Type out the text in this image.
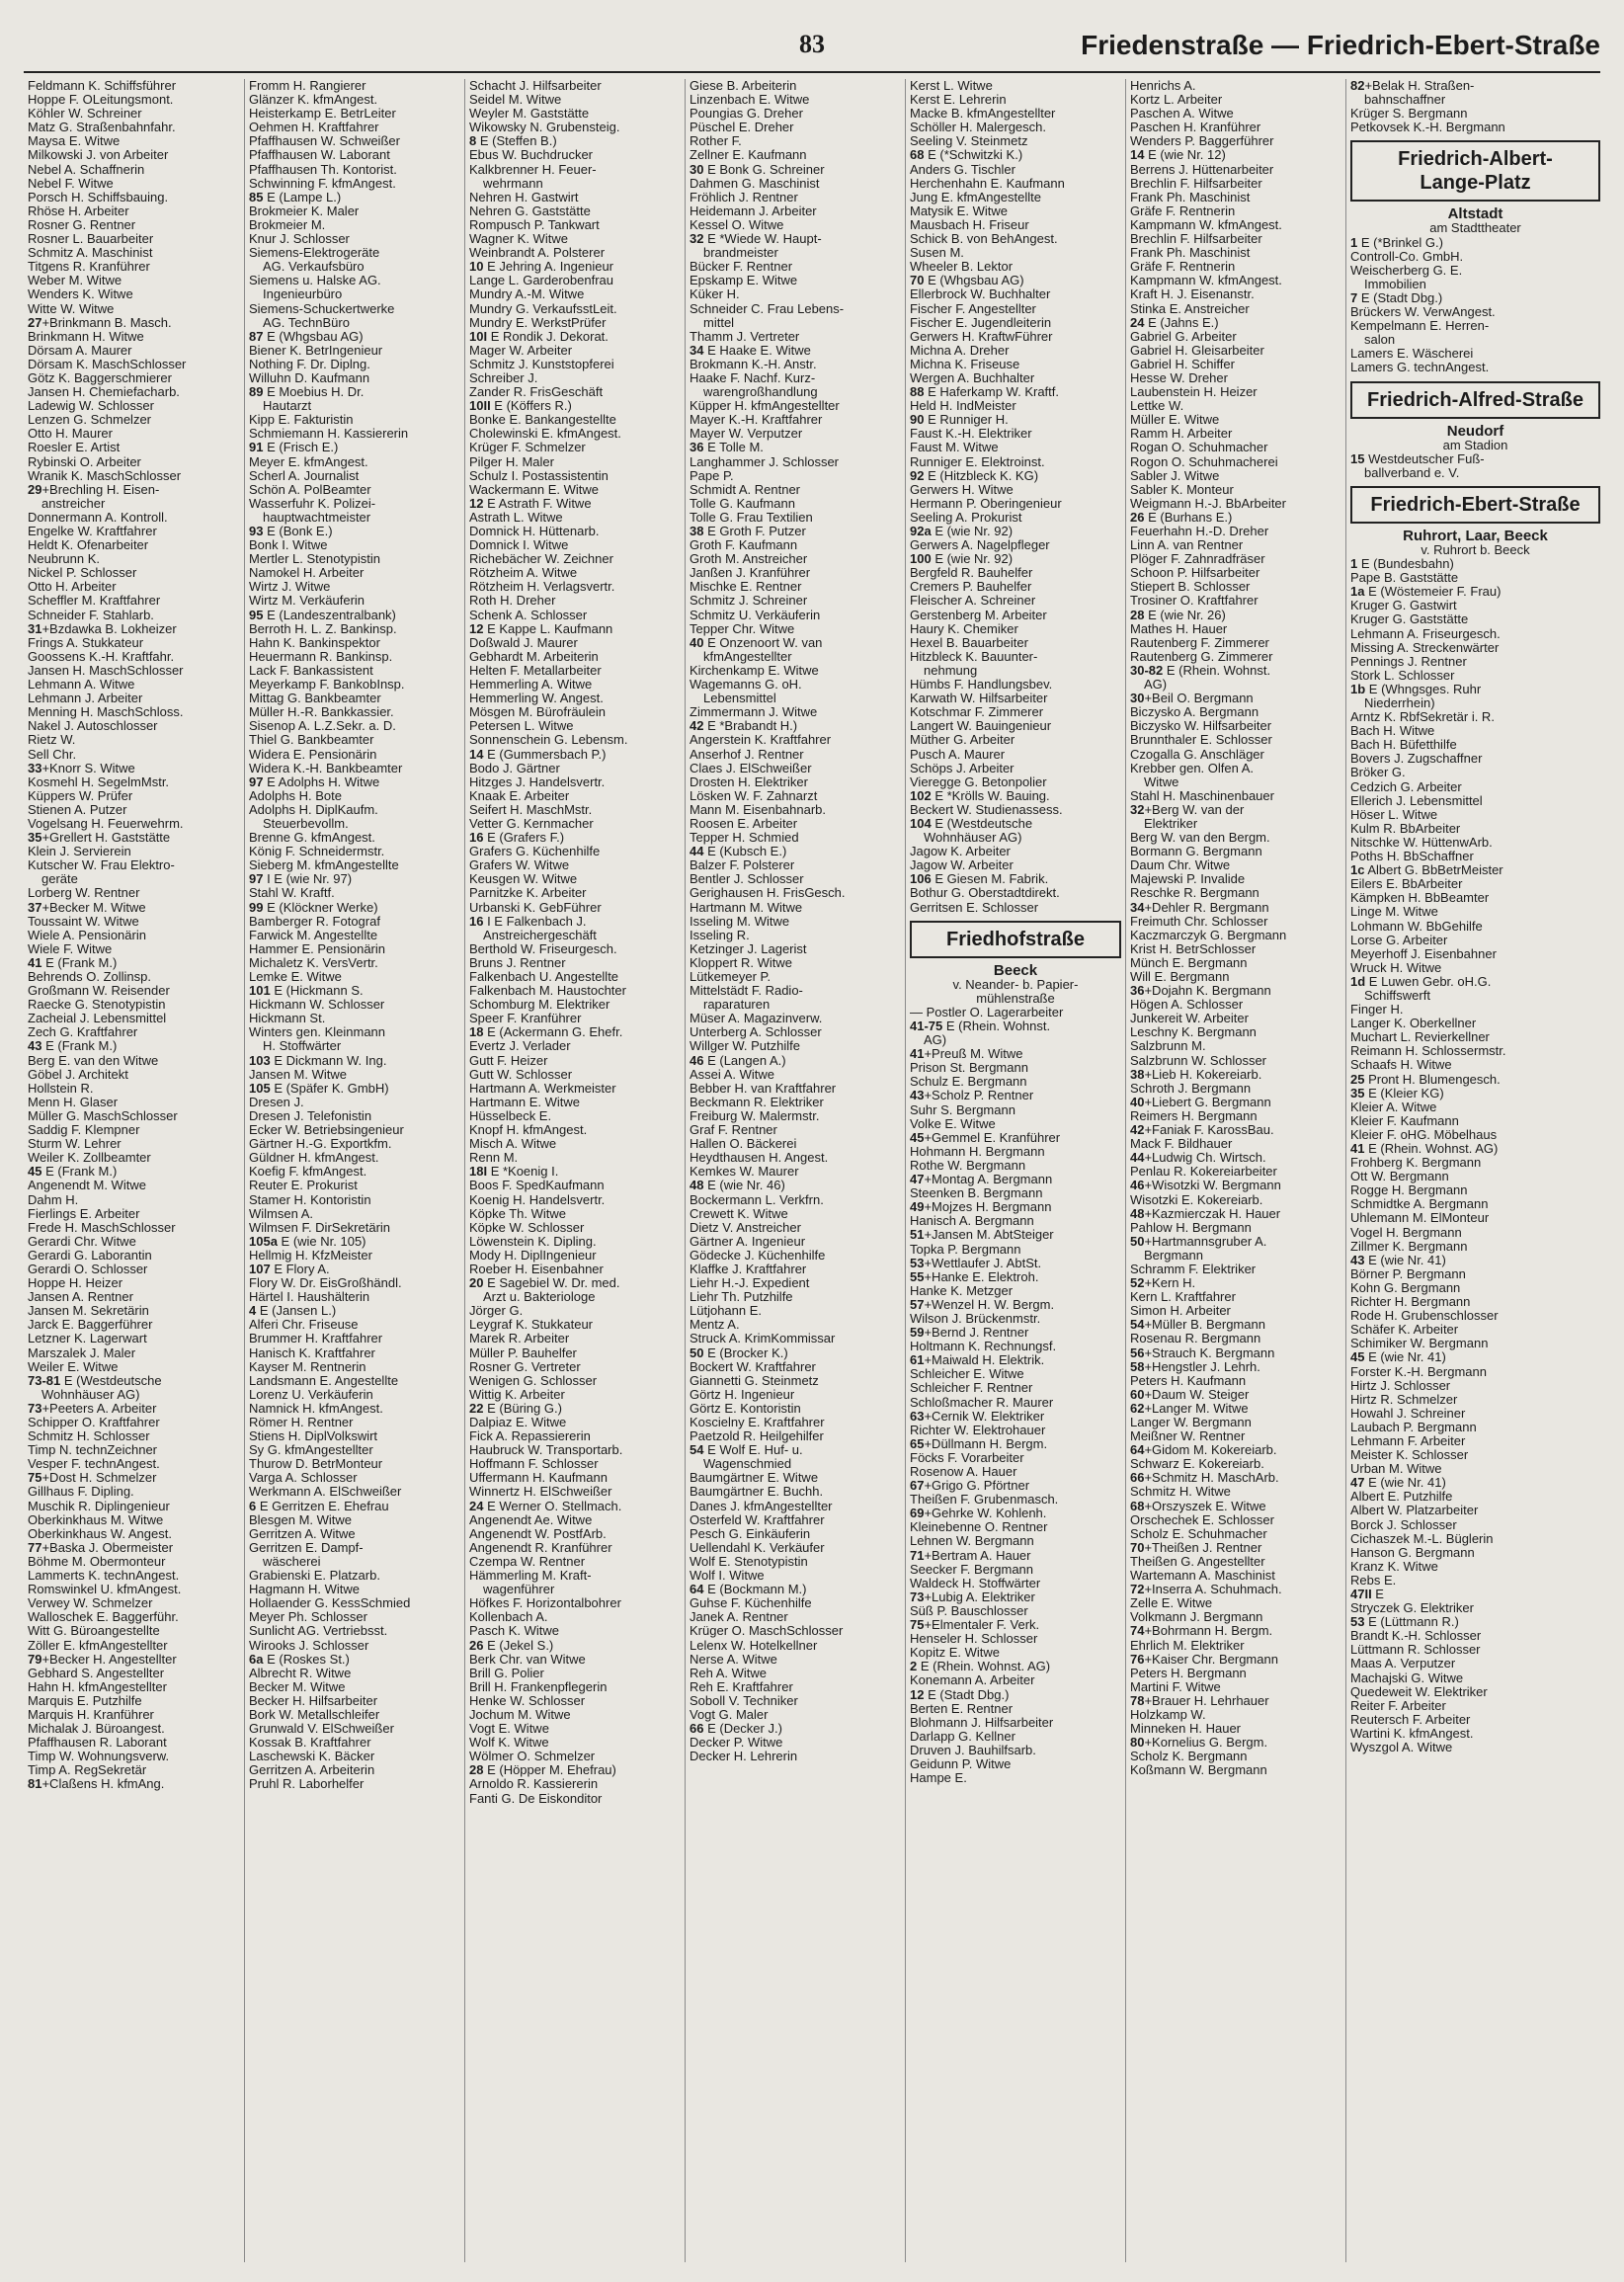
83	Friedenstraße — Friedrich-Ebert-Straße
Feldmann K. Schiffsführer
Hoppe F. OLeitungsmont.
Köhler W. Schreiner
Matz G. Straßenbahnfahr.
Maysa E. Witwe
Milkowski J. von Arbeiter
Nebel A. Schaffnerin
Nebel F. Witwe
Porsch H. Schiffsbauing.
Rhöse H. Arbeiter
Rosner G. Rentner
Rosner L. Bauarbeiter
Schmitz A. Maschinist
Titgens R. Kranführer
Weber M. Witwe
Wenders K. Witwe
Witte W. Witwe
27+Brinkmann B. Masch.
Brinkmann H. Witwe
Dörsam A. Maurer
Dörsam K. MaschSchlosser
Götz K. Baggerschmierer
Jansen H. Chemiefacharb.
Ladewig W. Schlosser
Lenzen G. Schmelzer
Otto H. Maurer
Roesler E. Artist
Rybinski O. Arbeiter
Wranik K. MaschSchlosser
29+Brechling H. Eisen-
anstreicher
Donnermann A. Kontroll.
Engelke W. Kraftfahrer
Heldt K. Ofenarbeiter
Neubrunn K.
Nickel P. Schlosser
Otto H. Arbeiter
Scheffler M. Kraftfahrer
Schneider F. Stahlarb.
31+Bzdawka B. Lokheizer
Frings A. Stukkateur
Goossens K.-H. Kraftfahr.
Jansen H. MaschSchlosser
Lehmann A. Witwe
Lehmann J. Arbeiter
Menning H. MaschSchloss.
Nakel J. Autoschlosser
Rietz W.
Sell Chr.
33+Knorr S. Witwe
Kosmehl H. SegelmMstr.
Küppers W. Prüfer
Stienen A. Putzer
Vogelsang H. Feuerwehrm.
35+Grellert H. Gaststätte
Klein J. Servierein
Kutscher W. Frau Elektro-
geräte
Lorberg W. Rentner
37+Becker M. Witwe
Toussaint W. Witwe
Wiele A. Pensionärin
Wiele F. Witwe
41 E (Frank M.)
Behrends O. Zollinsp.
Großmann W. Reisender
Raecke G. Stenotypistin
Zacheial J. Lebensmittel
Zech G. Kraftfahrer
43 E (Frank M.)
Berg E. van den Witwe
Göbel J. Architekt
Hollstein R.
Menn H. Glaser
Müller G. MaschSchlosser
Saddig F. Klempner
Sturm W. Lehrer
Weiler K. Zollbeamter
45 E (Frank M.)
Angenendt M. Witwe
Dahm H.
Fierlings E. Arbeiter
Frede H. MaschSchlosser
Gerardi Chr. Witwe
Gerardi G. Laborantin
Gerardi O. Schlosser
Hoppe H. Heizer
Jansen A. Rentner
Jansen M. Sekretärin
Jarck E. Baggerführer
Letzner K. Lagerwart
Marszalek J. Maler
Weiler E. Witwe
73-81 E (Westdeutsche
Wohnhäuser AG)
73+Peeters A. Arbeiter
Schipper O. Kraftfahrer
Schmitz H. Schlosser
Timp N. technZeichner
Vesper F. technAngest.
75+Dost H. Schmelzer
Gillhaus F. Dipling.
Muschik R. Diplingenieur
Oberkinkhaus M. Witwe
Oberkinkhaus W. Angest.
77+Baska J. Obermeister
Böhme M. Obermonteur
Lammerts K. technAngest.
Romswinkel U. kfmAngest.
Verwey W. Schmelzer
Walloschek E. Baggerführ.
Witt G. Büroangestellte
Zöller E. kfmAngestellter
79+Becker H. Angestellter
Gebhard S. Angestellter
Hahn H. kfmAngestellter
Marquis E. Putzhilfe
Marquis H. Kranführer
Michalak J. Büroangest.
Pfaffhausen R. Laborant
Timp W. Wohnungsverw.
Timp A. RegSekretär
81+Claßens H. kfmAng.
Fromm H. Rangierer
Glänzer K. kfmAngest.
Heisterkamp E. BetrLeiter
Oehmen H. Kraftfahrer
Pfaffhausen W. Schweißer
Pfaffhausen W. Laborant
Pfaffhausen Th. Kontorist.
Schwinning F. kfmAngest.
85 E (Lampe L.)
Brokmeier K. Maler
Brokmeier M.
Knur J. Schlosser
Siemens-Elektrogeräte
AG. Verkaufsbüro
Siemens u. Halske AG.
Ingenieurbüro
Siemens-Schuckertwerke
AG. TechnBüro
87 E (Whgsbau AG)
Biener K. BetrIngenieur
Nothing F. Dr. Diplng.
Willuhn D. Kaufmann
89 E Moebius H. Dr.
Hautarzt
Kipp E. Fakturistin
Schmiemann H. Kassiererin
91 E (Frisch E.)
Meyer E. kfmAngest.
Scherl A. Journalist
Schön A. PolBeamter
Wasserfuhr K. Polizei-
hauptwachtmeister
93 E (Bonk E.)
Bonk I. Witwe
Mertler L. Stenotypistin
Namokel H. Arbeiter
Wirtz J. Witwe
Wirtz M. Verkäuferin
95 E (Landeszentralbank)
Berroth H. L. Z. Bankinsp.
Hahn K. Bankinspektor
Heuermann R. Bankinsp.
Lack F. Bankassistent
Meyerkamp F. BankobInsp.
Mittag G. Bankbeamter
Müller H.-R. Bankkassier.
Sisenop A. L.Z.Sekr. a. D.
Thiel G. Bankbeamter
Widera E. Pensionärin
Widera K.-H. Bankbeamter
97 E Adolphs H. Witwe
Adolphs H. Bote
Adolphs H. DiplKaufm.
Steuerbevollm.
Brenne G. kfmAngest.
König F. Schneidermstr.
Sieberg M. kfmAngestellte
97 I E (wie Nr. 97)
Stahl W. Kraftf.
99 E (Klöckner Werke)
Bamberger R. Fotograf
Farwick M. Angestellte
Hammer E. Pensionärin
Michaletz K. VersVertr.
Lemke E. Witwe
101 E (Hickmann S.
Hickmann W. Schlosser
Hickmann St.
Winters gen. Kleinmann
H. Stoffwärter
103 E Dickmann W. Ing.
Jansen M. Witwe
105 E (Späfer K. GmbH)
Dresen J.
Dresen J. Telefonistin
Ecker W. Betriebsingenieur
Gärtner H.-G. Exportkfm.
Güldner H. kfmAngest.
Koefig F. kfmAngest.
Reuter E. Prokurist
Stamer H. Kontoristin
Wilmsen A.
Wilmsen F. DirSekretärin
105a E (wie Nr. 105)
Hellmig H. KfzMeister
107 E Flory A.
Flory W. Dr. EisGroßhändl.
Härtel I. Haushälterin
4 E (Jansen L.)
Alferi Chr. Friseuse
Brummer H. Kraftfahrer
Hanisch K. Kraftfahrer
Kayser M. Rentnerin
Landsmann E. Angestellte
Lorenz U. Verkäuferin
Namnick H. kfmAngest.
Römer H. Rentner
Stiens H. DiplVolkswirt
Sy G. kfmAngestellter
Thurow D. BetrMonteur
Varga A. Schlosser
Werkmann A. ElSchweißer
6 E Gerritzen E. Ehefrau
Blesgen M. Witwe
Gerritzen A. Witwe
Gerritzen E. Dampf-
wäscherei
Grabienski E. Platzarb.
Hagmann H. Witwe
Hollaender G. KessSchmied
Meyer Ph. Schlosser
Sunlicht AG. Vertriebsst.
Wirooks J. Schlosser
6a E (Roskes St.)
Albrecht R. Witwe
Becker M. Witwe
Becker H. Hilfsarbeiter
Bork W. Metallschleifer
Grunwald V. ElSchweißer
Kossak B. Kraftfahrer
Laschewski K. Bäcker
Gerritzen A. Arbeiterin
Pruhl R. Laborhelfer
Schacht J. Hilfsarbeiter
Seidel M. Witwe
Weyler M. Gaststätte
Wikowsky N. Grubensteig.
8 E (Steffen B.)
Ebus W. Buchdrucker
Kalkbrenner H. Feuer-
wehrmann
Nehren H. Gastwirt
Nehren G. Gaststätte
Rompusch P. Tankwart
Wagner K. Witwe
Weinbrandt A. Polsterer
10 E Jehring A. Ingenieur
Lange L. Garderobenfrau
Mundry A.-M. Witwe
Mundry G. VerkaufsstLeit.
Mundry E. WerkstPrüfer
10I E Rondik J. Dekorat.
Mager W. Arbeiter
Schmitz J. Kunststopferei
Schreiber J.
Zander R. FrisGeschäft
10II E (Köffers R.)
Bonke E. Bankangestellte
Cholewinski E. kfmAngest.
Krüger F. Schmelzer
Pilger H. Maler
Schulz I. Postassistentin
Wackermann E. Witwe
12 E Astrath F. Witwe
Astrath L. Witwe
Domnick H. Hüttenarb.
Domnick I. Witwe
Richebächer W. Zeichner
Rötzheim A. Witwe
Rötzheim H. Verlagsvertr.
Roth H. Dreher
Schenk A. Schlosser
12 E Kappe L. Kaufmann
Doßwald J. Maurer
Gebhardt M. Arbeiterin
Helten F. Metallarbeiter
Hemmerling A. Witwe
Hemmerling W. Angest.
Mösgen M. Bürofräulein
Petersen L. Witwe
Sonnenschein G. Lebensm.
14 E (Gummersbach P.)
Bodo J. Gärtner
Hitzges J. Handelsvertr.
Knaak E. Arbeiter
Seifert H. MaschMstr.
Vetter G. Kernmacher
16 E (Grafers F.)
Grafers G. Küchenhilfe
Grafers W. Witwe
Keusgen W. Witwe
Parnitzke K. Arbeiter
Urbanski K. GebFührer
16 I E Falkenbach J.
Anstreichergeschäft
Berthold W. Friseurgesch.
Bruns J. Rentner
Falkenbach U. Angestellte
Falkenbach M. Haustochter
Schomburg M. Elektriker
Speer F. Kranführer
18 E (Ackermann G. Ehefr.
Evertz J. Verlader
Gutt F. Heizer
Gutt W. Schlosser
Hartmann A. Werkmeister
Hartmann E. Witwe
Hüsselbeck E.
Knopf H. kfmAngest.
Misch A. Witwe
Renn M.
18I E *Koenig I.
Boos F. SpedKaufmann
Koenig H. Handelsvertr.
Köpke Th. Witwe
Köpke W. Schlosser
Löwenstein K. Dipling.
Mody H. DiplIngenieur
Roeber H. Eisenbahner
20 E Sagebiel W. Dr. med.
Arzt u. Bakteriologe
Jörger G.
Leygraf K. Stukkateur
Marek R. Arbeiter
Müller P. Bauhelfer
Rosner G. Vertreter
Wenigen G. Schlosser
Wittig K. Arbeiter
22 E (Büring G.)
Dalpiaz E. Witwe
Fick A. Repassiererin
Haubruck W. Transportarb.
Hoffmann F. Schlosser
Uffermann H. Kaufmann
Winnertz H. ElSchweißer
24 E Werner O. Stellmach.
Angenendt Ae. Witwe
Angenendt W. PostfArb.
Angenendt R. Kranführer
Czempa W. Rentner
Hämmerling M. Kraft-
wagenführer
Höfkes F. Horizontalbohrer
Kollenbach A.
Pasch K. Witwe
26 E (Jekel S.)
Berk Chr. van Witwe
Brill G. Polier
Brill H. Frankenpflegerin
Henke W. Schlosser
Jochum M. Witwe
Vogt E. Witwe
Wolf K. Witwe
Wölmer O. Schmelzer
28 E (Höpper M. Ehefrau)
Arnoldo R. Kassiererin
Fanti G. De Eiskonditor
Giese B. Arbeiterin
Linzenbach E. Witwe
Poungias G. Dreher
Püschel E. Dreher
Rother F.
Zellner E. Kaufmann
30 E Bonk G. Schreiner
Dahmen G. Maschinist
Fröhlich J. Rentner
Heidemann J. Arbeiter
Kessel O. Witwe
32 E *Wiede W. Haupt-
brandmeister
Bücker F. Rentner
Epskamp E. Witwe
Küker H.
Schneider C. Frau Lebens-
mittel
Thamm J. Vertreter
34 E Haake E. Witwe
Brokmann K.-H. Anstr.
Haake F. Nachf. Kurz-
warengroßhandlung
Küpper H. kfmAngestellter
Mayer K.-H. Kraftfahrer
Mayer W. Verputzer
36 E Tolle M.
Langhammer J. Schlosser
Pape P.
Schmidt A. Rentner
Tolle G. Kaufmann
Tolle G. Frau Textilien
38 E Groth F. Putzer
Groth F. Kaufmann
Groth M. Anstreicher
Janßen J. Kranführer
Mischke E. Rentner
Schmitz J. Schreiner
Schmitz U. Verkäuferin
Tepper Chr. Witwe
40 E Onzenoort W. van
kfmAngestellter
Kirchenkamp E. Witwe
Wagemanns G. oH.
Lebensmittel
Zimmermann J. Witwe
42 E *Brabandt H.)
Angerstein K. Kraftfahrer
Anserhof J. Rentner
Claes J. ElSchweißer
Drosten H. Elektriker
Lösken W. F. Zahnarzt
Mann M. Eisenbahnarb.
Roosen E. Arbeiter
Tepper H. Schmied
44 E (Kubsch E.)
Balzer F. Polsterer
Bentler J. Schlosser
Gerighausen H. FrisGesch.
Hartmann M. Witwe
Isseling M. Witwe
Isseling R.
Ketzinger J. Lagerist
Kloppert R. Witwe
Lütkemeyer P.
Mittelstädt F. Radio-
raparaturen
Müser A. Magazinverw.
Unterberg A. Schlosser
Willger W. Putzhilfe
46 E (Langen A.)
Assei A. Witwe
Bebber H. van Kraftfahrer
Beckmann R. Elektriker
Freiburg W. Malermstr.
Graf F. Rentner
Hallen O. Bäckerei
Heydthausen H. Angest.
Kemkes W. Maurer
48 E (wie Nr. 46)
Bockermann L. Verkfrn.
Crewett K. Witwe
Dietz V. Anstreicher
Gärtner A. Ingenieur
Gödecke J. Küchenhilfe
Klaffke J. Kraftfahrer
Liehr H.-J. Expedient
Liehr Th. Putzhilfe
Lütjohann E.
Mentz A.
Struck A. KrimKommissar
50 E (Brocker K.)
Bockert W. Kraftfahrer
Giannetti G. Steinmetz
Görtz H. Ingenieur
Görtz E. Kontoristin
Koscielny E. Kraftfahrer
Paetzold R. Heilgehilfer
54 E Wolf E. Huf- u.
Wagenschmied
Baumgärtner E. Witwe
Baumgärtner E. Buchh.
Danes J. kfmAngestellter
Osterfeld W. Kraftfahrer
Pesch G. Einkäuferin
Uellendahl K. Verkäufer
Wolf E. Stenotypistin
Wolf I. Witwe
64 E (Bockmann M.)
Guhse F. Küchenhilfe
Janek A. Rentner
Krüger O. MaschSchlosser
Lelenx W. Hotelkellner
Nerse A. Witwe
Reh A. Witwe
Reh E. Kraftfahrer
Soboll V. Techniker
Vogt G. Maler
66 E (Decker J.)
Decker P. Witwe
Decker H. Lehrerin
Kerst L. Witwe
Kerst E. Lehrerin
Macke B. kfmAngestellter
Schöller H. Malergesch.
Seeling V. Steinmetz
68 E (*Schwitzki K.)
Anders G. Tischler
Herchenhahn E. Kaufmann
Jung E. kfmAngestellte
Matysik E. Witwe
Mausbach H. Friseur
Schick B. von BehAngest.
Susen M.
Wheeler B. Lektor
70 E (Whgsbau AG)
Ellerbrock W. Buchhalter
Fischer F. Angestellter
Fischer E. Jugendleiterin
Gerwers H. KraftwFührer
Michna A. Dreher
Michna K. Friseuse
Wergen A. Buchhalter
88 E Haferkamp W. Kraftf.
Held H. IndMeister
90 E Runniger H.
Faust K.-H. Elektriker
Faust M. Witwe
Runniger E. Elektroinst.
92 E (Hitzbleck K. KG)
Gerwers H. Witwe
Hermann P. Oberingenieur
Seeling A. Prokurist
92a E (wie Nr. 92)
Gerwers A. Nagelpfleger
100 E (wie Nr. 92)
Bergfeld R. Bauhelfer
Cremers P. Bauhelfer
Fleischer A. Schreiner
Gerstenberg M. Arbeiter
Haury K. Chemiker
Hexel B. Bauarbeiter
Hitzbleck K. Bauunter-
nehmung
Hümbs F. Handlungsbev.
Karwath W. Hilfsarbeiter
Kotschmar F. Zimmerer
Langert W. Bauingenieur
Müther G. Arbeiter
Pusch A. Maurer
Schöps J. Arbeiter
Vieregge G. Betonpolier
102 E *Krölls W. Bauing.
Beckert W. Studienassess.
104 E (Westdeutsche
Wohnhäuser AG)
Jagow K. Arbeiter
Jagow W. Arbeiter
106 E Giesen M. Fabrik.
Bothur G. Oberstadtdirekt.
Gerritsen E. Schlosser
Friedhofstraße
Beeck
v. Neander- b. Papier-
mühlenstraße
— Postler O. Lagerarbeiter
41-75 E (Rhein. Wohnst.
AG)
41+Preuß M. Witwe
Prison St. Bergmann
Schulz E. Bergmann
43+Scholz P. Rentner
Suhr S. Bergmann
Volke E. Witwe
45+Gemmel E. Kranführer
Hohmann H. Bergmann
Rothe W. Bergmann
47+Montag A. Bergmann
Steenken B. Bergmann
49+Mojzes H. Bergmann
Hanisch A. Bergmann
51+Jansen M. AbtSteiger
Topka P. Bergmann
53+Wettlaufer J. AbtSt.
55+Hanke E. Elektroh.
Hanke K. Metzger
57+Wenzel H. W. Bergm.
Wilson J. Brückenmstr.
59+Bernd J. Rentner
Holtmann K. Rechnungsf.
61+Maiwald H. Elektrik.
Schleicher E. Witwe
Schleicher F. Rentner
Schloßmacher R. Maurer
63+Cernik W. Elektriker
Richter W. Elektrohauer
65+Düllmann H. Bergm.
Föcks F. Vorarbeiter
Rosenow A. Hauer
67+Grigo G. Pförtner
Theißen F. Grubenmasch.
69+Gehrke W. Kohlenh.
Kleinebenne O. Rentner
Lehnen W. Bergmann
71+Bertram A. Hauer
Seecker F. Bergmann
Waldeck H. Stoffwärter
73+Lubig A. Elektriker
Süß P. Bauschlosser
75+Elmentaler F. Verk.
Henseler H. Schlosser
Kopitz E. Witwe
2 E (Rhein. Wohnst. AG)
Konemann A. Arbeiter
12 E (Stadt Dbg.)
Berten E. Rentner
Blohmann J. Hilfsarbeiter
Darlapp G. Kellner
Druven J. Bauhilfsarb.
Geidunn P. Witwe
Hampe E.
Henrichs A.
Kortz L. Arbeiter
Paschen A. Witwe
Paschen H. Kranführer
Wenders P. Baggerführer
14 E (wie Nr. 12)
Berrens J. Hüttenarbeiter
Brechlin F. Hilfsarbeiter
Frank Ph. Maschinist
Gräfe F. Rentnerin
Kampmann W. kfmAngest.
Brechlin F. Hilfsarbeiter
Frank Ph. Maschinist
Gräfe F. Rentnerin
Kampmann W. kfmAngest.
Kraft H. J. Eisenanstr.
Stinka E. Anstreicher
24 E (Jahns E.)
Gabriel G. Arbeiter
Gabriel H. Gleisarbeiter
Gabriel H. Schiffer
Hesse W. Dreher
Laubenstein H. Heizer
Lettke W.
Müller E. Witwe
Ramm H. Arbeiter
Rogan O. Schuhmacher
Rogon O. Schuhmacherei
Sabler J. Witwe
Sabler K. Monteur
Weigmann H.-J. BbArbeiter
26 E (Burhans E.)
Feuerhahn H.-D. Dreher
Linn A. van Rentner
Plöger F. Zahnradfräser
Schoon P. Hilfsarbeiter
Stiepert B. Schlosser
Trosiner O. Kraftfahrer
28 E (wie Nr. 26)
Mathes H. Hauer
Rautenberg F. Zimmerer
Rautenberg G. Zimmerer
30-82 E (Rhein. Wohnst.
AG)
30+Beil O. Bergmann
Biczysko A. Bergmann
Biczysko W. Hilfsarbeiter
Brunnthaler E. Schlosser
Czogalla G. Anschläger
Krebber gen. Olfen A.
Witwe
Stahl H. Maschinenbauer
32+Berg W. van der
Elektriker
Berg W. van den Bergm.
Bormann G. Bergmann
Daum Chr. Witwe
Majewski P. Invalide
Reschke R. Bergmann
34+Dehler R. Bergmann
Freimuth Chr. Schlosser
Kaczmarczyk G. Bergmann
Krist H. BetrSchlosser
Münch E. Bergmann
Will E. Bergmann
36+Dojahn K. Bergmann
Högen A. Schlosser
Junkereit W. Arbeiter
Leschny K. Bergmann
Salzbrunn M.
Salzbrunn W. Schlosser
38+Lieb H. Kokereiarb.
Schroth J. Bergmann
40+Liebert G. Bergmann
Reimers H. Bergmann
42+Faniak F. KarossBau.
Mack F. Bildhauer
44+Ludwig Ch. Wirtsch.
Penlau R. Kokereiarbeiter
46+Wisotzki W. Bergmann
Wisotzki E. Kokereiarb.
48+Kazmierczak H. Hauer
Pahlow H. Bergmann
50+Hartmannsgruber A.
Bergmann
Schramm F. Elektriker
52+Kern H.
Kern L. Kraftfahrer
Simon H. Arbeiter
54+Müller B. Bergmann
Rosenau R. Bergmann
56+Strauch K. Bergmann
58+Hengstler J. Lehrh.
Peters H. Kaufmann
60+Daum W. Steiger
62+Langer M. Witwe
Langer W. Bergmann
Meißner W. Rentner
64+Gidom M. Kokereiarb.
Schwarz E. Kokereiarb.
66+Schmitz H. MaschArb.
Schmitz H. Witwe
68+Orszyszek E. Witwe
Orschechek E. Schlosser
Scholz E. Schuhmacher
70+Theißen J. Rentner
Theißen G. Angestellter
Wartemann A. Maschinist
72+Inserra A. Schuhmach.
Zelle E. Witwe
Volkmann J. Bergmann
74+Bohrmann H. Bergm.
Ehrlich M. Elektriker
76+Kaiser Chr. Bergmann
Peters H. Bergmann
Martini F. Witwe
78+Brauer H. Lehrhauer
Holzkamp W.
Minneken H. Hauer
80+Kornelius G. Bergm.
Scholz K. Bergmann
Koßmann W. Bergmann
82+Belak H. Straßen-
bahnschaffner
Krüger S. Bergmann
Petkovsek K.-H. Bergmann
Friedrich-Albert-
Lange-Platz
Altstadt
am Stadttheater
1 E (*Brinkel G.)
Controll-Co. GmbH.
Weischerberg G. E.
Immobilien
7 E (Stadt Dbg.)
Brückers W. VerwAngest.
Kempelmann E. Herren-
salon
Lamers E. Wäscherei
Lamers G. technAngest.
Friedrich-Alfred-Straße
Neudorf
am Stadion
15 Westdeutscher Fuß-
ballverband e. V.
Friedrich-Ebert-Straße
Ruhrort, Laar, Beeck
v. Ruhrort b. Beeck
1 E (Bundesbahn)
Pape B. Gaststätte
1a E (Wöstemeier F. Frau)
Kruger G. Gastwirt
Kruger G. Gaststätte
Lehmann A. Friseurgesch.
Missing A. Streckenwärter
Pennings J. Rentner
Stork L. Schlosser
1b E (Whngsges. Ruhr
Niederrhein)
Arntz K. RbfSekretär i. R.
Bach H. Witwe
Bach H. Büfetthilfe
Bovers J. Zugschaffner
Bröker G.
Cedzich G. Arbeiter
Ellerich J. Lebensmittel
Höser L. Witwe
Kulm R. BbArbeiter
Nitschke W. HüttenwArb.
Poths H. BbSchaffner
1c Albert G. BbBetrMeister
Eilers E. BbArbeiter
Kämpken H. BbBeamter
Linge M. Witwe
Lohmann W. BbGehilfe
Lorse G. Arbeiter
Meyerhoff J. Eisenbahner
Wruck H. Witwe
1d E Luwen Gebr. oH.G.
Schiffswerft
Finger H.
Langer K. Oberkellner
Muchart L. Revierkellner
Reimann H. Schlossermstr.
Schaafs H. Witwe
25 Pront H. Blumengesch.
35 E (Kleier KG)
Kleier A. Witwe
Kleier F. Kaufmann
Kleier F. oHG. Möbelhaus
41 E (Rhein. Wohnst. AG)
Frohberg K. Bergmann
Ott W. Bergmann
Rogge H. Bergmann
Schmidtke A. Bergmann
Uhlemann M. ElMonteur
Vogel H. Bergmann
Zillmer K. Bergmann
43 E (wie Nr. 41)
Börner P. Bergmann
Kohn G. Bergmann
Richter H. Bergmann
Rode H. Grubenschlosser
Schäfer K. Arbeiter
Schimiker W. Bergmann
45 E (wie Nr. 41)
Forster K.-H. Bergmann
Hirtz J. Schlosser
Hirtz R. Schmelzer
Howahl J. Schreiner
Laubach P. Bergmann
Lehmann F. Arbeiter
Meister K. Schlosser
Urban M. Witwe
47 E (wie Nr. 41)
Albert E. Putzhilfe
Albert W. Platzarbeiter
Borck J. Schlosser
Cichaszek M.-L. Büglerin
Hanson G. Bergmann
Kranz K. Witwe
Rebs E.
47II E
Stryczek G. Elektriker
53 E (Lüttmann R.)
Brandt K.-H. Schlosser
Lüttmann R. Schlosser
Maas A. Verputzer
Machajski G. Witwe
Quedeweit W. Elektriker
Reiter F. Arbeiter
Reutersch F. Arbeiter
Wartini K. kfmAngest.
Wyszgol A. Witwe
